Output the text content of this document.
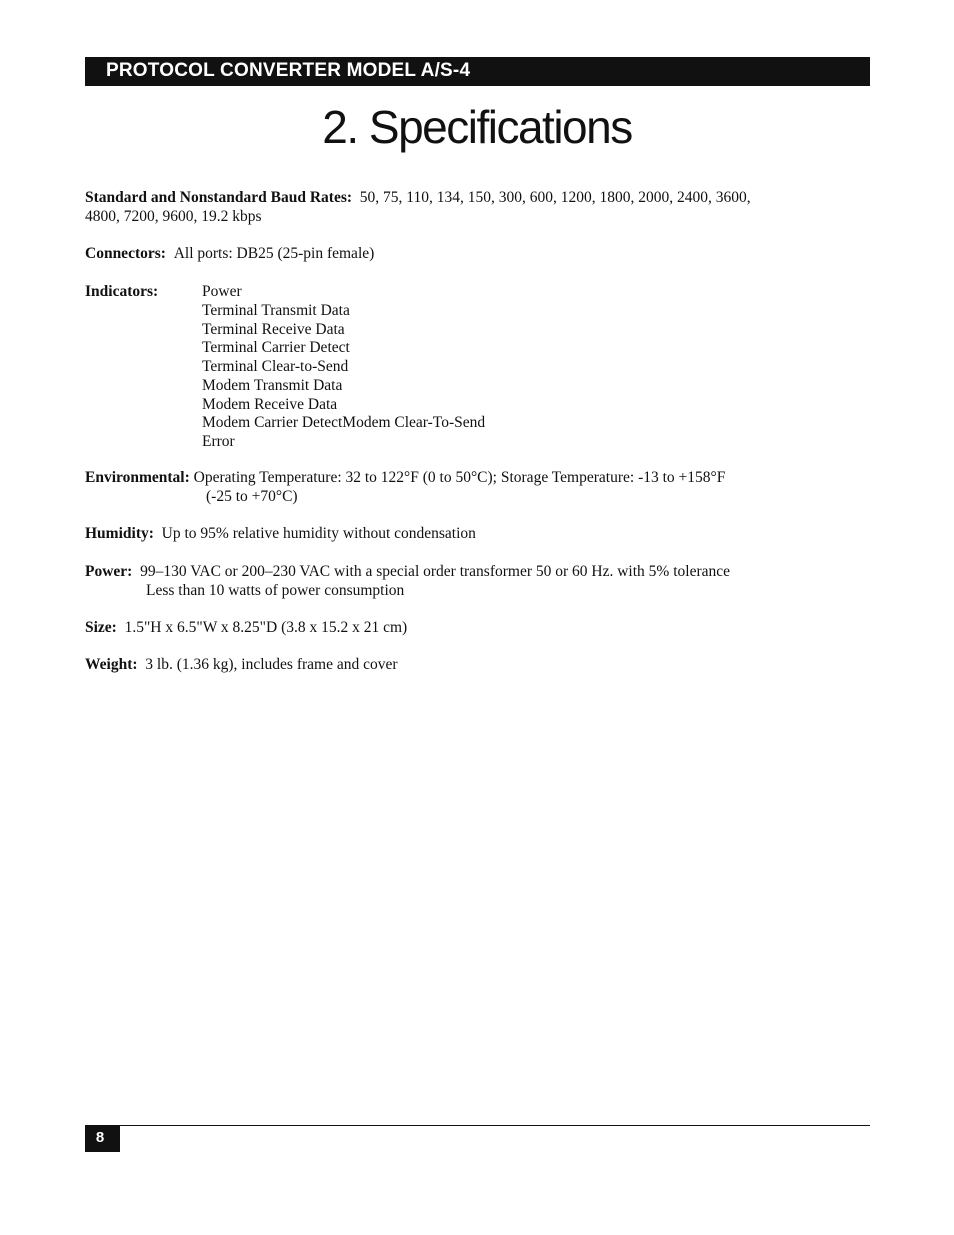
PROTOCOL CONVERTER MODEL A/S-4
2. Specifications
Standard and Nonstandard Baud Rates: 50, 75, 110, 134, 150, 300, 600, 1200, 1800, 2000, 2400, 3600,
4800, 7200, 9600, 19.2 kbps
Connectors: All ports: DB25 (25-pin female)
Indicators:	Power
Terminal Transmit Data
Terminal Receive Data
Terminal Carrier Detect
Terminal Clear-to-Send
Modem Transmit Data
Modem Receive Data
Modem Carrier DetectModem Clear-To-Send
Error
Environmental: Operating Temperature: 32 to 122°F (0 to 50°C); Storage Temperature: -13 to +158°F
(-25 to +70°C)
Humidity: Up to 95% relative humidity without condensation
Power: 99–130 VAC or 200–230 VAC with a special order transformer 50 or 60 Hz. with 5% tolerance
Less than 10 watts of power consumption
Size: 1.5"H x 6.5"W x 8.25"D (3.8 x 15.2 x 21 cm)
Weight: 3 lb. (1.36 kg), includes frame and cover
8
